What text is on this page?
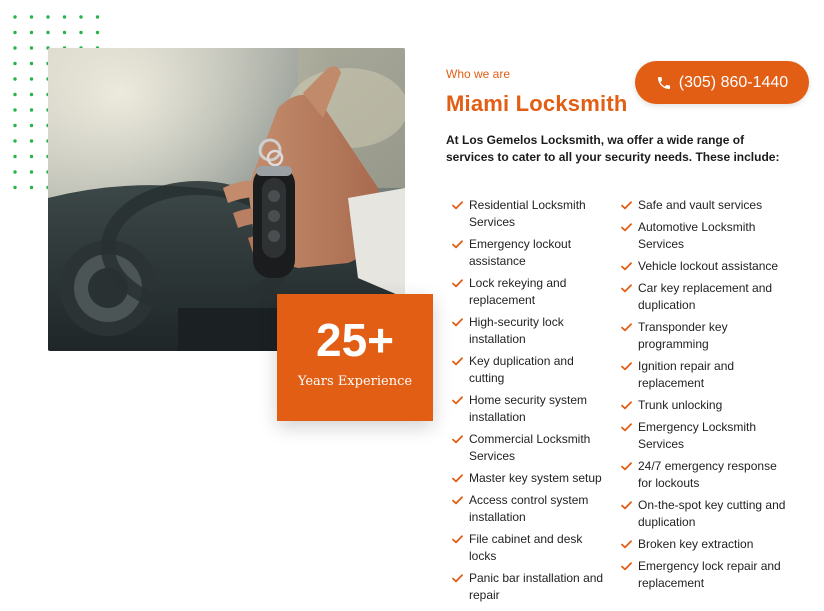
25+
Years Experience
Who we are
Miami Locksmith
(305) 860-1440
At Los Gemelos Locksmith, wa offer a wide range of services to cater to all your security needs. These include:
Residential Locksmith Services
Emergency lockout assistance
Lock rekeying and replacement
High-security lock installation
Key duplication and cutting
Home security system installation
Commercial Locksmith Services
Master key system setup
Access control system installation
File cabinet and desk locks
Panic bar installation and repair
Safe and vault services
Automotive Locksmith Services
Vehicle lockout assistance
Car key replacement and duplication
Transponder key programming
Ignition repair and replacement
Trunk unlocking
Emergency Locksmith Services
24/7 emergency response for lockouts
On-the-spot key cutting and duplication
Broken key extraction
Emergency lock repair and replacement
